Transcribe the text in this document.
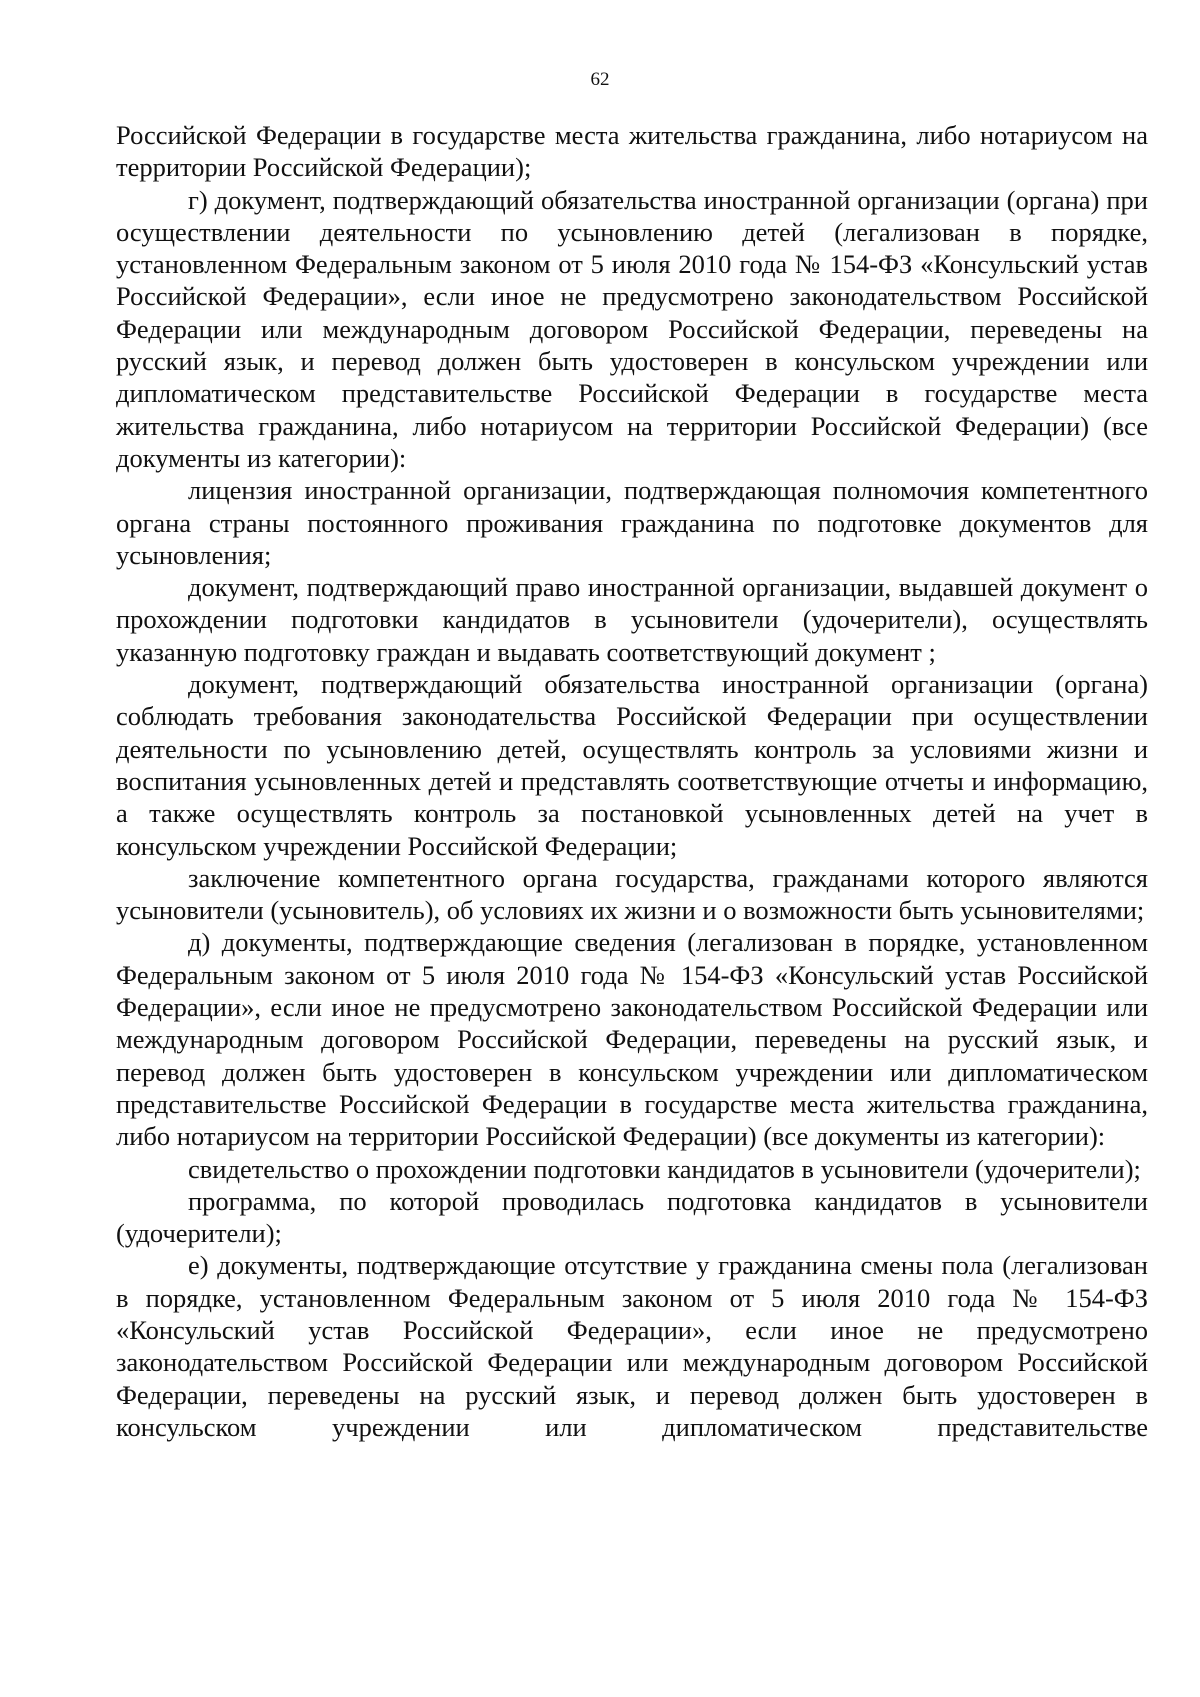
62

Российской Федерации в государстве места жительства гражданина, либо нотариусом на территории Российской Федерации);

г) документ, подтверждающий обязательства иностранной организации (органа) при осуществлении деятельности по усыновлению детей (легализован в порядке, установленном Федеральным законом от 5 июля 2010 года № 154-ФЗ «Консульский устав Российской Федерации», если иное не предусмотрено законодательством Российской Федерации или международным договором Российской Федерации, переведены на русский язык, и перевод должен быть удостоверен в консульском учреждении или дипломатическом представительстве Российской Федерации в государстве места жительства гражданина, либо нотариусом на территории Российской Федерации) (все документы из категории):

лицензия иностранной организации, подтверждающая полномочия компетентного органа страны постоянного проживания гражданина по подготовке документов для усыновления;

документ, подтверждающий право иностранной организации, выдавшей документ о прохождении подготовки кандидатов в усыновители (удочерители), осуществлять указанную подготовку граждан и выдавать соответствующий документ ;

документ, подтверждающий обязательства иностранной организации (органа) соблюдать требования законодательства Российской Федерации при осуществлении деятельности по усыновлению детей, осуществлять контроль за условиями жизни и воспитания усыновленных детей и представлять соответствующие отчеты и информацию, а также осуществлять контроль за постановкой усыновленных детей на учет в консульском учреждении Российской Федерации;

заключение компетентного органа государства, гражданами которого являются усыновители (усыновитель), об условиях их жизни и о возможности быть усыновителями;

д) документы, подтверждающие сведения (легализован в порядке, установленном Федеральным законом от 5 июля 2010 года № 154-ФЗ «Консульский устав Российской Федерации», если иное не предусмотрено законодательством Российской Федерации или международным договором Российской Федерации, переведены на русский язык, и перевод должен быть удостоверен в консульском учреждении или дипломатическом представительстве Российской Федерации в государстве места жительства гражданина, либо нотариусом на территории Российской Федерации) (все документы из категории):

свидетельство о прохождении подготовки кандидатов в усыновители (удочерители);

программа, по которой проводилась подготовка кандидатов в усыновители (удочерители);

е) документы, подтверждающие отсутствие у гражданина смены пола (легализован в порядке, установленном Федеральным законом от 5 июля 2010 года № 154-ФЗ «Консульский устав Российской Федерации», если иное не предусмотрено законодательством Российской Федерации или международным договором Российской Федерации, переведены на русский язык, и перевод должен быть удостоверен в консульском учреждении или дипломатическом представительстве
